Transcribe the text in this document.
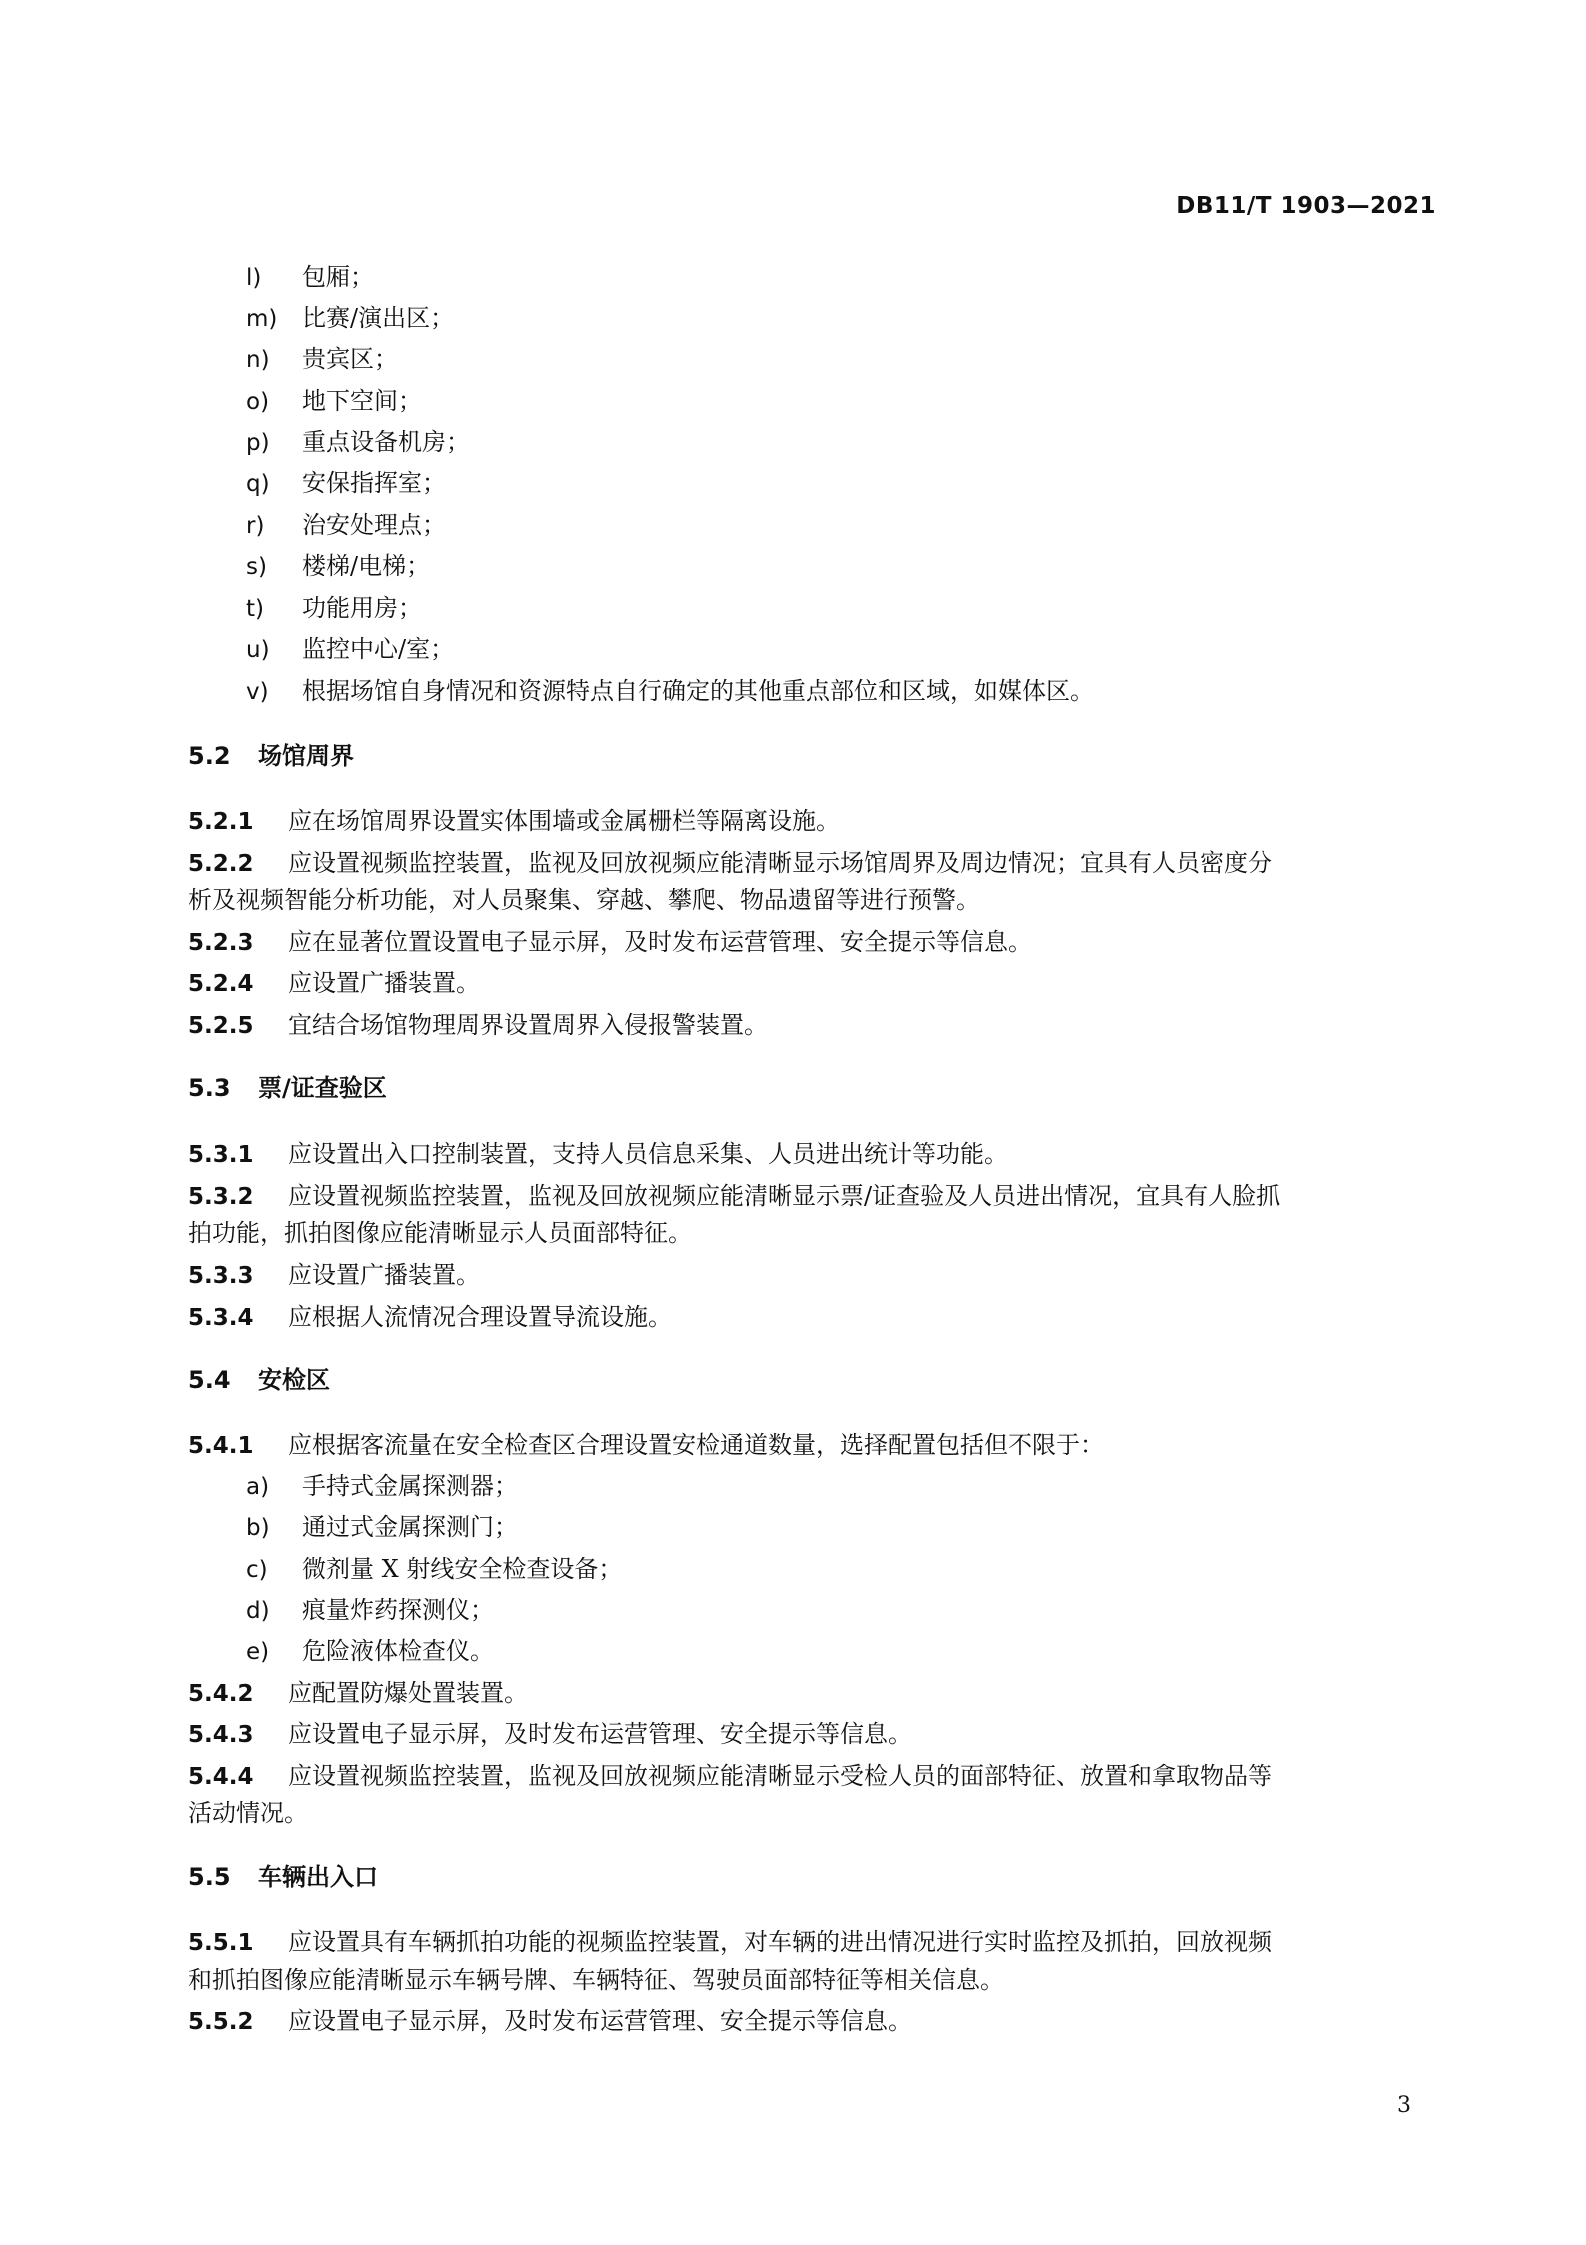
DB11/T 1903—2021
l) 包厢；
m) 比赛/演出区；
n) 贵宾区；
o) 地下空间；
p) 重点设备机房；
q) 安保指挥室；
r) 治安处理点；
s) 楼梯/电梯；
t) 功能用房；
u) 监控中心/室；
v) 根据场馆自身情况和资源特点自行确定的其他重点部位和区域，如媒体区。
5.2 场馆周界
5.2.1 应在场馆周界设置实体围墙或金属栅栏等隔离设施。
5.2.2 应设置视频监控装置，监视及回放视频应能清晰显示场馆周界及周边情况；宜具有人员密度分
析及视频智能分析功能，对人员聚集、穿越、攀爬、物品遗留等进行预警。
5.2.3 应在显著位置设置电子显示屏，及时发布运营管理、安全提示等信息。
5.2.4 应设置广播装置。
5.2.5 宜结合场馆物理周界设置周界入侵报警装置。
5.3 票/证查验区
5.3.1 应设置出入口控制装置，支持人员信息采集、人员进出统计等功能。
5.3.2 应设置视频监控装置，监视及回放视频应能清晰显示票/证查验及人员进出情况，宜具有人脸抓
拍功能，抓拍图像应能清晰显示人员面部特征。
5.3.3 应设置广播装置。
5.3.4 应根据人流情况合理设置导流设施。
5.4 安检区
5.4.1 应根据客流量在安全检查区合理设置安检通道数量，选择配置包括但不限于：
a) 手持式金属探测器；
b) 通过式金属探测门；
c) 微剂量 X 射线安全检查设备；
d) 痕量炸药探测仪；
e) 危险液体检查仪。
5.4.2 应配置防爆处置装置。
5.4.3 应设置电子显示屏，及时发布运营管理、安全提示等信息。
5.4.4 应设置视频监控装置，监视及回放视频应能清晰显示受检人员的面部特征、放置和拿取物品等
活动情况。
5.5 车辆出入口
5.5.1 应设置具有车辆抓拍功能的视频监控装置，对车辆的进出情况进行实时监控及抓拍，回放视频
和抓拍图像应能清晰显示车辆号牌、车辆特征、驾驶员面部特征等相关信息。
5.5.2 应设置电子显示屏，及时发布运营管理、安全提示等信息。
3
